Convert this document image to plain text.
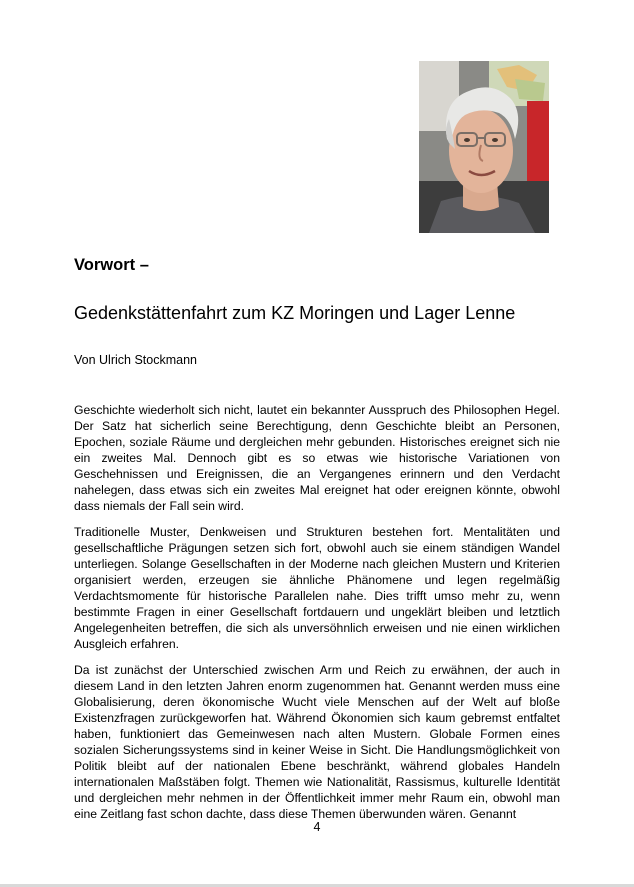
Vorwort –
Gedenkstättenfahrt zum KZ Moringen und Lager Lenne

Von Ulrich Stockmann

Geschichte wiederholt sich nicht, lautet ein bekannter Ausspruch des Philosophen Hegel. Der Satz hat sicherlich seine Berechtigung, denn Geschichte bleibt an Personen, Epochen, soziale Räume und dergleichen mehr gebunden. Historisches ereignet sich nie ein zweites Mal. Dennoch gibt es so etwas wie historische Variationen von Geschehnissen und Ereignissen, die an Vergangenes erinnern und den Verdacht nahelegen, dass etwas sich ein zweites Mal ereignet hat oder ereignen könnte, obwohl dass niemals der Fall sein wird.

Traditionelle Muster, Denkweisen und Strukturen bestehen fort. Mentalitäten und gesellschaftliche Prägungen setzen sich fort, obwohl auch sie einem ständigen Wandel unterliegen. Solange Gesellschaften in der Moderne nach gleichen Mustern und Kriterien organisiert werden, erzeugen sie ähnliche Phänomene und legen regelmäßig Verdachtsmomente für historische Parallelen nahe. Dies trifft umso mehr zu, wenn bestimmte Fragen in einer Gesellschaft fortdauern und ungeklärt bleiben und letztlich Angelegenheiten betreffen, die sich als unversöhnlich erweisen und nie einen wirklichen Ausgleich erfahren.

Da ist zunächst der Unterschied zwischen Arm und Reich zu erwähnen, der auch in diesem Land in den letzten Jahren enorm zugenommen hat. Genannt werden muss eine Globalisierung, deren ökonomische Wucht viele Menschen auf der Welt auf bloße Existenzfragen zurückgeworfen hat. Während Ökonomien sich kaum gebremst entfaltet haben, funktioniert das Gemeinwesen nach alten Mustern. Globale Formen eines sozialen Sicherungssystems sind in keiner Weise in Sicht. Die Handlungsmöglichkeit von Politik bleibt auf der nationalen Ebene beschränkt, während globales Handeln internationalen Maßstäben folgt. Themen wie Nationalität, Rassismus, kulturelle Identität und dergleichen mehr nehmen in der Öffentlichkeit immer mehr Raum ein, obwohl man eine Zeitlang fast schon dachte, dass diese Themen überwunden wären. Genannt

4
